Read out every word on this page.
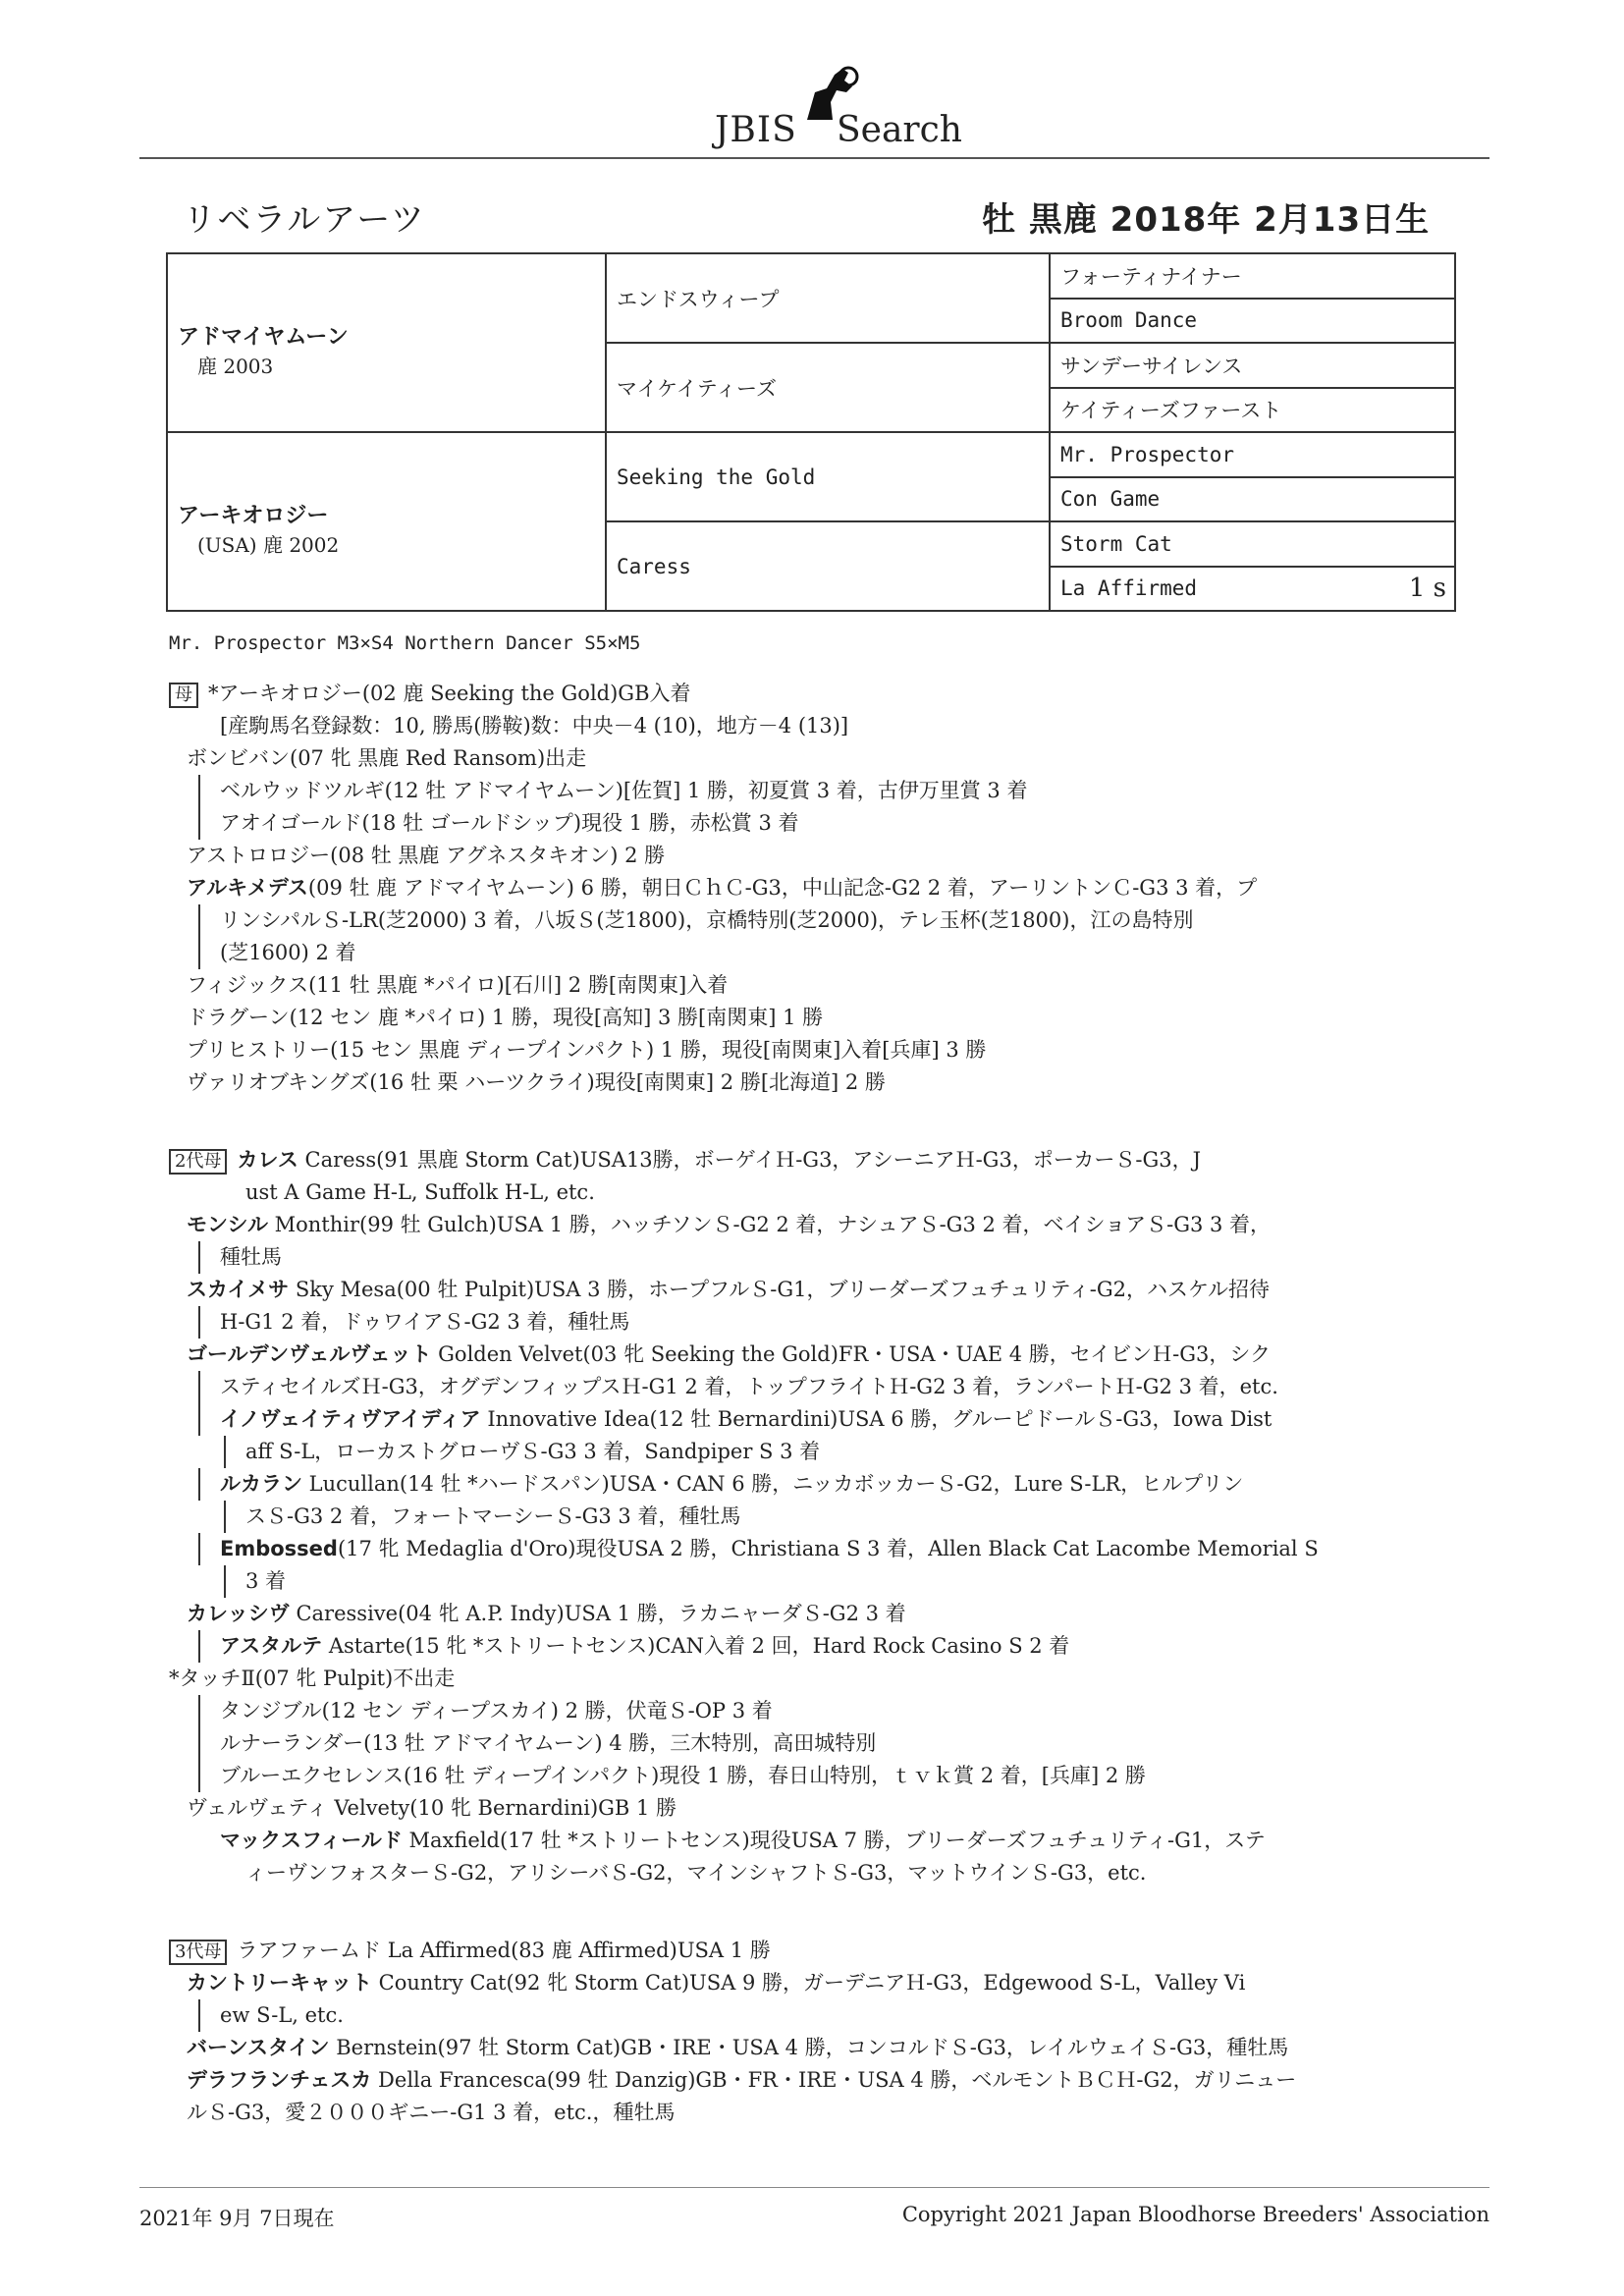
JBIS Search
リベラルアーツ	牡 黒鹿 2018年 2月13日生
アドマイヤムーン
鹿 2003	エンドスウィープ	フォーティナイナー
		Broom Dance
	マイケイティーズ	サンデーサイレンス
		ケイティーズファースト

アーキオロジー
(USA) 鹿 2002	Seeking the Gold	Mr. Prospector
		Con Game
	Caress	Storm Cat
		La Affirmed 1 s
Mr. Prospector M3×S4 Northern Dancer S5×M5
母 *アーキオロジー(02 鹿 Seeking the Gold)GB入着
[産駒馬名登録数：10, 勝馬(勝鞍)数：中央－4 (10)，地方－4 (13)]
ボンビバン(07 牝 黒鹿 Red Ransom)出走
ベルウッドツルギ(12 牡 アドマイヤムーン)[佐賀] 1 勝，初夏賞 3 着，古伊万里賞 3 着
アオイゴールド(18 牡 ゴールドシップ)現役 1 勝，赤松賞 3 着
アストロロジー(08 牡 黒鹿 アグネスタキオン) 2 勝
アルキメデス(09 牡 鹿 アドマイヤムーン) 6 勝，朝日ＣｈＣ-G3，中山記念-G2 2 着，アーリントンＣ-G3 3 着，プ
リンシパルＳ-LR(芝2000) 3 着，八坂Ｓ(芝1800)，京橋特別(芝2000)，テレ玉杯(芝1800)，江の島特別
(芝1600) 2 着
フィジックス(11 牡 黒鹿 *パイロ)[石川] 2 勝[南関東]入着
ドラグーン(12 セン 鹿 *パイロ) 1 勝，現役[高知] 3 勝[南関東] 1 勝
プリヒストリー(15 セン 黒鹿 ディープインパクト) 1 勝，現役[南関東]入着[兵庫] 3 勝
ヴァリオブキングズ(16 牡 栗 ハーツクライ)現役[南関東] 2 勝[北海道] 2 勝
2代母 カレス Caress(91 黒鹿 Storm Cat)USA13勝，ボーゲイＨ-G3，アシーニアＨ-G3，ポーカーＳ-G3，J
ust A Game H-L, Suffolk H-L, etc.
モンシル Monthir(99 牡 Gulch)USA 1 勝，ハッチソンＳ-G2 2 着，ナシュアＳ-G3 2 着，ベイショアＳ-G3 3 着，
種牡馬
スカイメサ Sky Mesa(00 牡 Pulpit)USA 3 勝，ホープフルＳ-G1，ブリーダーズフュチュリティ-G2，ハスケル招待
H-G1 2 着，ドゥワイアＳ-G2 3 着，種牡馬
ゴールデンヴェルヴェット Golden Velvet(03 牝 Seeking the Gold)FR・USA・UAE 4 勝，セイビンＨ-G3，シク
スティセイルズＨ-G3，オグデンフィップスＨ-G1 2 着，トップフライトＨ-G2 3 着，ランパートＨ-G2 3 着，etc.
イノヴェイティヴアイディア Innovative Idea(12 牡 Bernardini)USA 6 勝，グルーピドールＳ-G3，Iowa Dist
aff S-L，ローカストグローヴＳ-G3 3 着，Sandpiper S 3 着
ルカラン Lucullan(14 牡 *ハードスパン)USA・CAN 6 勝，ニッカボッカーＳ-G2，Lure S-LR，ヒルプリン
スＳ-G3 2 着，フォートマーシーＳ-G3 3 着，種牡馬
Embossed(17 牝 Medaglia d'Oro)現役USA 2 勝，Christiana S 3 着，Allen Black Cat Lacombe Memorial S
3 着
カレッシヴ Caressive(04 牝 A.P. Indy)USA 1 勝，ラカニャーダＳ-G2 3 着
アスタルテ Astarte(15 牝 *ストリートセンス)CAN入着 2 回，Hard Rock Casino S 2 着
*タッチⅡ(07 牝 Pulpit)不出走
タンジブル(12 セン ディープスカイ) 2 勝，伏竜Ｓ-OP 3 着
ルナーランダー(13 牡 アドマイヤムーン) 4 勝，三木特別，高田城特別
ブルーエクセレンス(16 牡 ディープインパクト)現役 1 勝，春日山特別，ｔｖｋ賞 2 着，[兵庫] 2 勝
ヴェルヴェティ Velvety(10 牝 Bernardini)GB 1 勝
マックスフィールド Maxfield(17 牡 *ストリートセンス)現役USA 7 勝，ブリーダーズフュチュリティ-G1，ステ
ィーヴンフォスターＳ-G2，アリシーバＳ-G2，マインシャフトＳ-G3，マットウインＳ-G3，etc.
3代母 ラアファームド La Affirmed(83 鹿 Affirmed)USA 1 勝
カントリーキャット Country Cat(92 牝 Storm Cat)USA 9 勝，ガーデニアＨ-G3，Edgewood S-L，Valley Vi
ew S-L, etc.
バーンスタイン Bernstein(97 牡 Storm Cat)GB・IRE・USA 4 勝，コンコルドＳ-G3，レイルウェイＳ-G3，種牡馬
デラフランチェスカ Della Francesca(99 牡 Danzig)GB・FR・IRE・USA 4 勝，ベルモントＢＣＨ-G2，ガリニュー
ルＳ-G3，愛２０００ギニー-G1 3 着，etc.，種牡馬
2021年 9月 7日現在	Copyright 2021 Japan Bloodhorse Breeders' Association
